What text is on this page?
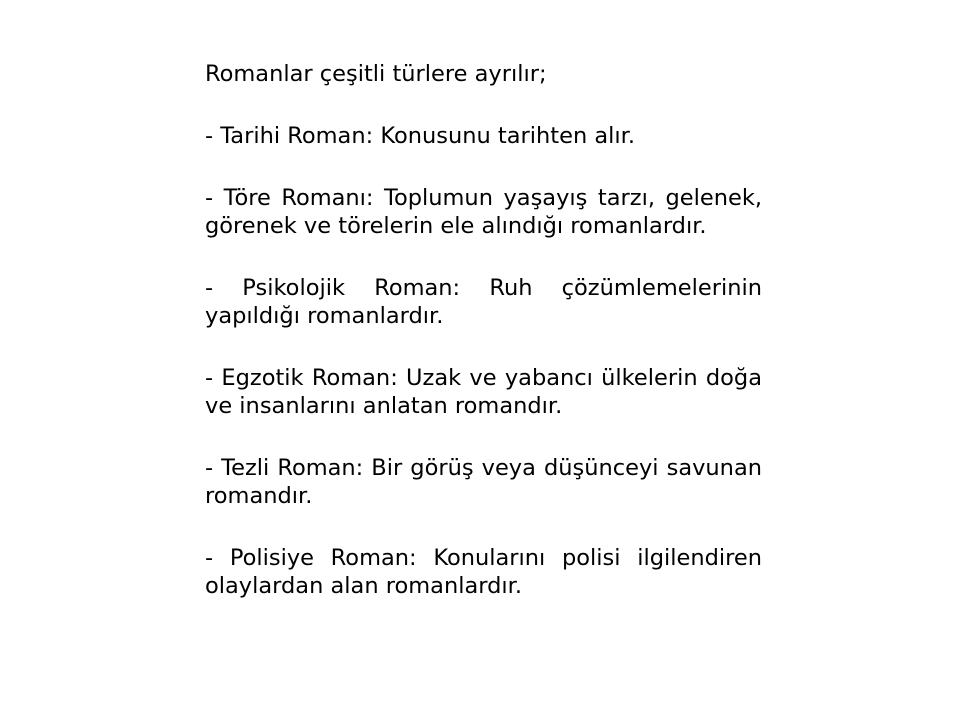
Romanlar çeşitli türlere ayrılır;

- Tarihi Roman: Konusunu tarihten alır.

- Töre Romanı: Toplumun yaşayış tarzı, gelenek, görenek ve törelerin ele alındığı romanlardır.

- Psikolojik Roman: Ruh çözümlemelerinin yapıldığı romanlardır.

- Egzotik Roman: Uzak ve yabancı ülkelerin doğa ve insanlarını anlatan romandır.

- Tezli Roman: Bir görüş veya düşünceyi savunan romandır.

- Polisiye Roman: Konularını polisi ilgilendiren olaylardan alan romanlardır.
